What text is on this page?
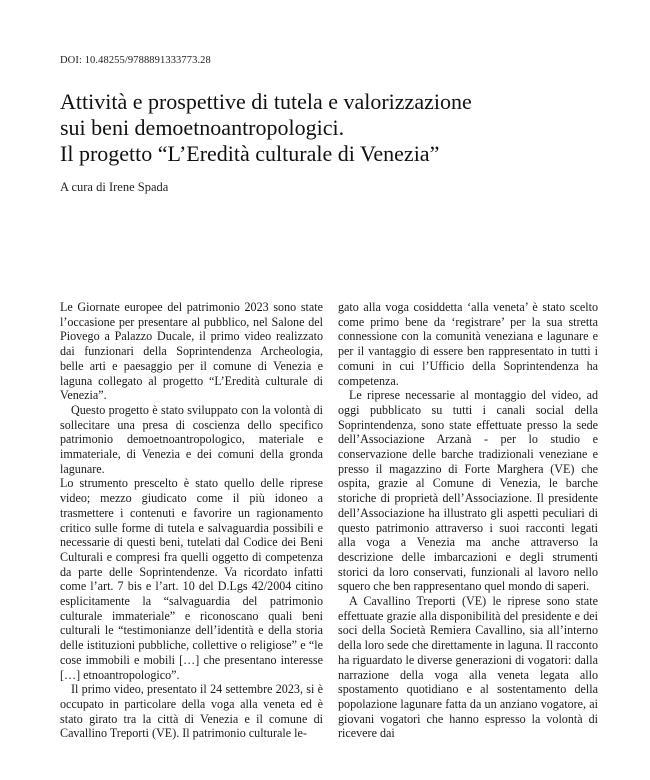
DOI: 10.48255/9788891333773.28
Attività e prospettive di tutela e valorizzazione
sui beni demoetnoantropologici.
Il progetto “L’Eredità culturale di Venezia”
A cura di Irene Spada

Le Giornate europee del patrimonio 2023 sono state l’occasione per presentare al pubblico, nel Salone del Piovego a Palazzo Ducale, il primo video realizzato dai funzionari della Soprintendenza Archeologia, belle arti e paesaggio per il comune di Venezia e laguna collegato al progetto “L’Eredità culturale di Venezia”.

Questo progetto è stato sviluppato con la volontà di sollecitare una presa di coscienza dello specifico patrimonio demoetnoantropologico, materiale e immateriale, di Venezia e dei comuni della gronda lagunare.

Lo strumento prescelto è stato quello delle riprese video; mezzo giudicato come il più idoneo a trasmettere i contenuti e favorire un ragionamento critico sulle forme di tutela e salvaguardia possibili e necessarie di questi beni, tutelati dal Codice dei Beni Culturali e compresi fra quelli oggetto di competenza da parte delle Soprintendenze. Va ricordato infatti come l’art. 7 bis e l’art. 10 del D.Lgs 42/2004 citino esplicitamente la “salvaguardia del patrimonio culturale immateriale” e riconoscano quali beni culturali le “testimonianze dell’identità e della storia delle istituzioni pubbliche, collettive o religiose” e “le cose immobili e mobili […] che presentano interesse […] etnoantropologico”.

Il primo video, presentato il 24 settembre 2023, si è occupato in particolare della voga alla veneta ed è stato girato tra la città di Venezia e il comune di Cavallino Treporti (VE). Il patrimonio culturale le-

gato alla voga cosiddetta ‘alla veneta’ è stato scelto come primo bene da ‘registrare’ per la sua stretta connessione con la comunità veneziana e lagunare e per il vantaggio di essere ben rappresentato in tutti i comuni in cui l’Ufficio della Soprintendenza ha competenza.

Le riprese necessarie al montaggio del video, ad oggi pubblicato su tutti i canali social della Soprintendenza, sono state effettuate presso la sede dell’Associazione Arzanà - per lo studio e conservazione delle barche tradizionali veneziane e presso il magazzino di Forte Marghera (VE) che ospita, grazie al Comune di Venezia, le barche storiche di proprietà dell’Associazione. Il presidente dell’Associazione ha illustrato gli aspetti peculiari di questo patrimonio attraverso i suoi racconti legati alla voga a Venezia ma anche attraverso la descrizione delle imbarcazioni e degli strumenti storici da loro conservati, funzionali al lavoro nello squero che ben rappresentano quel mondo di saperi.

A Cavallino Treporti (VE) le riprese sono state effettuate grazie alla disponibilità del presidente e dei soci della Società Remiera Cavallino, sia all’interno della loro sede che direttamente in laguna. Il racconto ha riguardato le diverse generazioni di vogatori: dalla narrazione della voga alla veneta legata allo spostamento quotidiano e al sostentamento della popolazione lagunare fatta da un anziano vogatore, ai giovani vogatori che hanno espresso la volontà di ricevere dai
